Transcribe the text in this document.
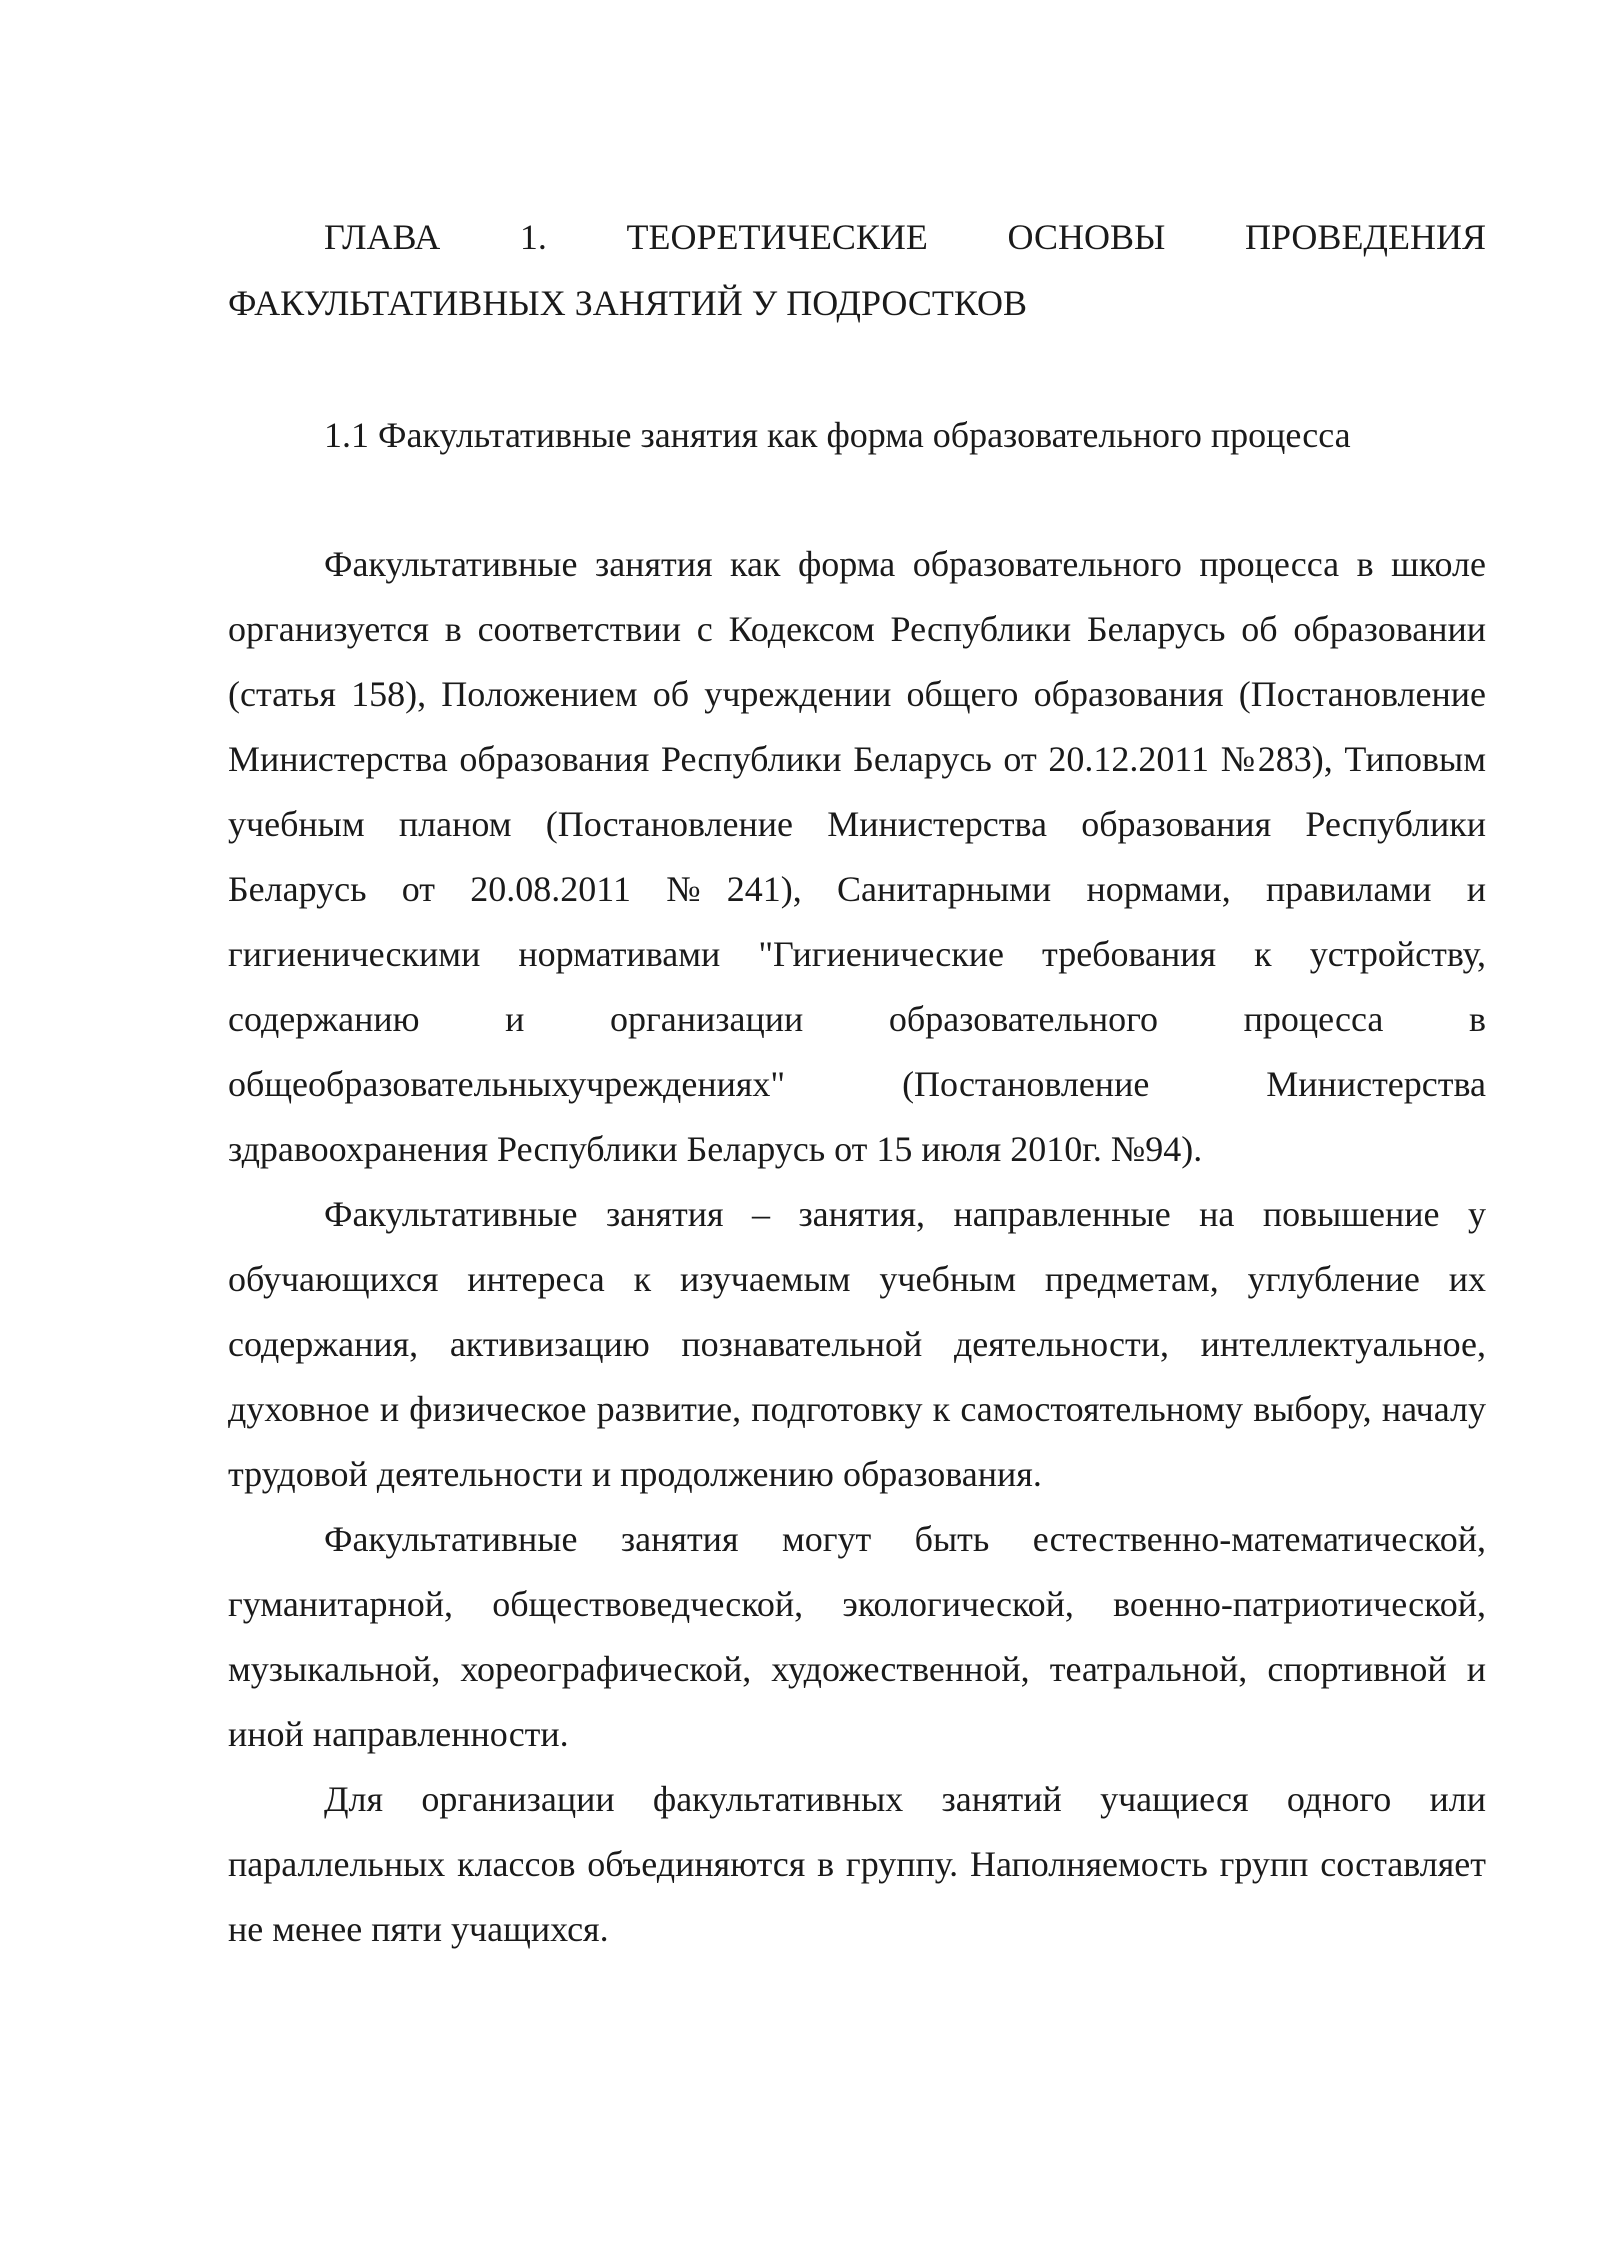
ГЛАВА 1. ТЕОРЕТИЧЕСКИЕ ОСНОВЫ ПРОВЕДЕНИЯ ФАКУЛЬТАТИВНЫХ ЗАНЯТИЙ У ПОДРОСТКОВ
1.1 Факультативные занятия как форма образовательного процесса

Факультативные занятия как форма образовательного процесса в школе организуется в соответствии с Кодексом Республики Беларусь об образовании (статья 158), Положением об учреждении общего образования (Постановление Министерства образования Республики Беларусь от 20.12.2011 №283), Типовым учебным планом (Постановление Министерства образования Республики Беларусь от 20.08.2011 №241), Санитарными нормами, правилами и гигиеническими нормативами "Гигиенические требования к устройству, содержанию и организации образовательного процесса в общеобразовательныхучреждениях" (Постановление Министерства здравоохранения Республики Беларусь от 15 июля 2010г. №94).

Факультативные занятия – занятия, направленные на повышение у обучающихся интереса к изучаемым учебным предметам, углубление их содержания, активизацию познавательной деятельности, интеллектуальное, духовное и физическое развитие, подготовку к самостоятельному выбору, началу трудовой деятельности и продолжению образования.

Факультативные занятия могут быть естественно-математической, гуманитарной, обществоведческой, экологической, военно-патриотической, музыкальной, хореографической, художественной, театральной, спортивной и иной направленности.

Для организации факультативных занятий учащиеся одного или параллельных классов объединяются в группу. Наполняемость групп составляет не менее пяти учащихся.
